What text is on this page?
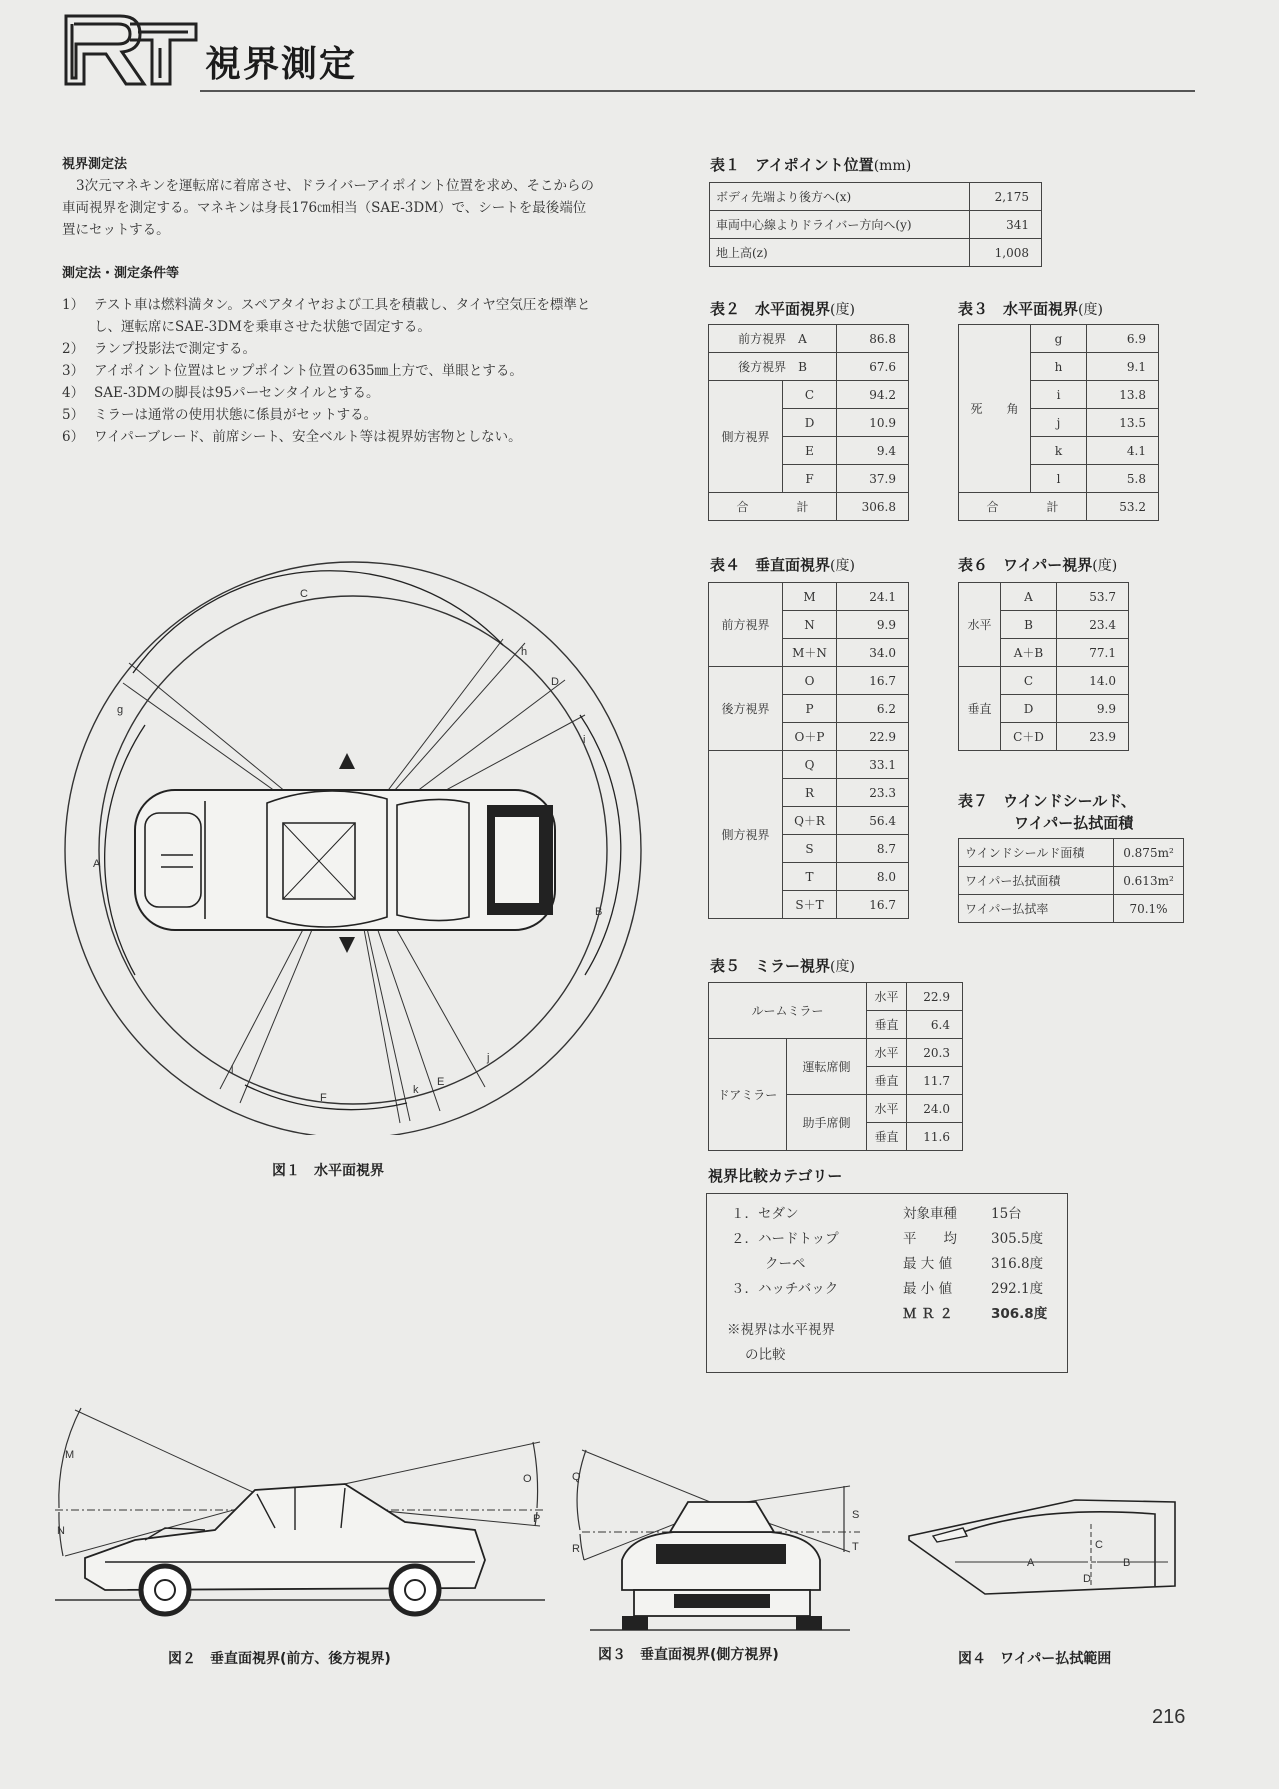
視界測定
視界測定法

3次元マネキンを運転席に着席させ、ドライバーアイポイント位置を求め、そこからの車両視界を測定する。マネキンは身長176㎝相当（SAE-3DM）で、シートを最後端位置にセットする。

測定法・測定条件等
1） テスト車は燃料満タン。スペアタイヤおよび工具を積載し、タイヤ空気圧を標準とし、運転席にSAE-3DMを乗車させた状態で固定する。
2） ランプ投影法で測定する。
3） アイポイント位置はヒップポイント位置の635㎜上方で、単眼とする。
4） SAE-3DMの脚長は95パーセンタイルとする。
5） ミラーは通常の使用状態に係員がセットする。
6） ワイパーブレード、前席シート、安全ベルト等は視界妨害物としない。
A
B
C
D
E
F
g
h
i
j
k
l
図１　 水平面視界
表１　 アイポイント位置(mm)
ボディ先端より後方へ(x)	2,175
車両中心線よりドライバー方向へ(y)	341
地上高(z)	1,008
表２　 水平面視界(度)
前方視界　 A		86.8
後方視界　 B		67.6
側方視界	C	94.2
	D	10.9
	E	9.4
	F	37.9
合　　　　 計		306.8
表３　 水平面視界(度)
死　　 角	g	6.9
	h	9.1
	i	13.8
	j	13.5
	k	4.1
	l	5.8
合　　　　 計		53.2
表４　 垂直面視界(度)
前方視界	M	24.1
	N	9.9
	M＋N	34.0
後方視界	O	16.7
	P	6.2
	O＋P	22.9
側方視界	Q	33.1
	R	23.3
	Q＋R	56.4
	S	8.7
	T	8.0
	S＋T	16.7
表６　 ワイパー視界(度)
水平	A	53.7
	B	23.4
	A＋B	77.1
垂直	C	14.0
	D	9.9
	C＋D	23.9
表７　 ウインドシールド、
ワイパー払拭面積
ウインドシールド面積	0.875m²
ワイパー払拭面積	0.613m²
ワイパー払拭率	70.1%
表５　 ミラー視界(度)
ルームミラー		水平	22.9
		垂直	6.4
ドアミラー	運転席側	水平	20.3
		垂直	11.7
	助手席側	水平	24.0
		垂直	11.6
視界比較カテゴリー
１．セダン
２．ハードトップ
クーペ
３．ハッチバック
対象車種	15台
平　　均	305.5度
最 大 値	316.8度
最 小 値	292.1度
Ｍ Ｒ ２	306.8度
※視界は水平視界
の比較
M
N
O
P
図２　 垂直面視界(前方、後方視界)
Q
R
S
T
図３　 垂直面視界(側方視界)
A	B
C
D
図４　 ワイパー払拭範囲
216
